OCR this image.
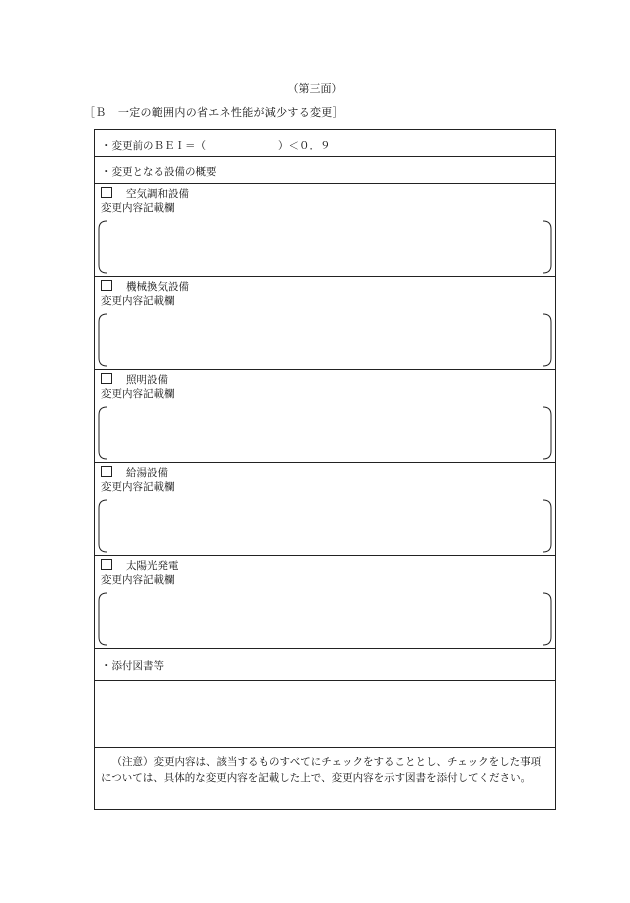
（第三面）
［Ｂ　一定の範囲内の省エネ性能が減少する変更］
・変更前のＢＥＩ＝（	）＜０．９
・変更となる設備の概要
空気調和設備
変更内容記載欄
機械換気設備
変更内容記載欄
照明設備
変更内容記載欄
給湯設備
変更内容記載欄
太陽光発電
変更内容記載欄
・添付図書等
（注意）変更内容は、該当するものすべてにチェックをすることとし、チェックをした事項については、具体的な変更内容を記載した上で、変更内容を示す図書を添付してください。
